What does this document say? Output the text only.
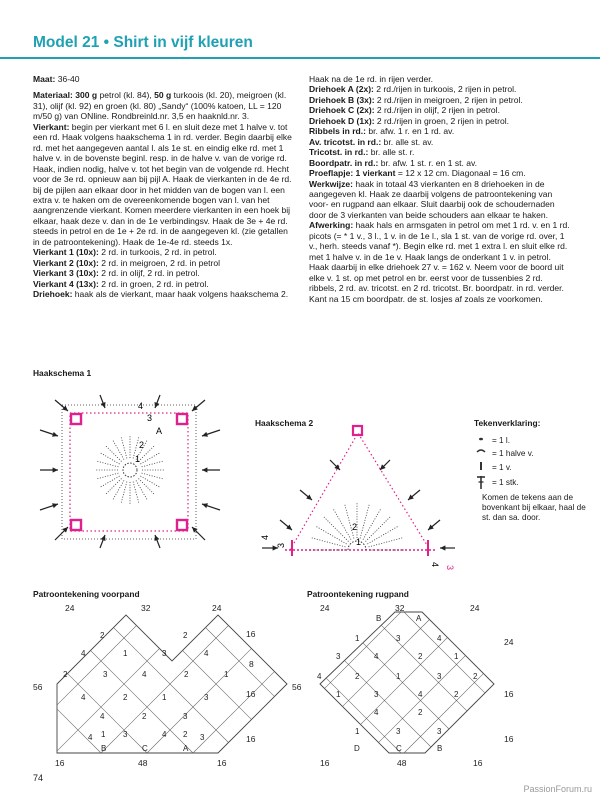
Model 21 • Shirt in vijf kleuren

Maat: 36-40

Materiaal: 300 g petrol (kl. 84), 50 g turkoois (kl. 20), meigroen (kl. 31), olijf (kl. 92) en groen (kl. 80) „Sandy“ (100% katoen, LL = 120 m/50 g) van ONline. Rondbreinld.nr. 3,5 en haaknld.nr. 3.

Vierkant: begin per vierkant met 6 l. en sluit deze met 1 halve v. tot een rd. Haak volgens haakschema 1 in rd. verder. Begin daarbij elke rd. met het aangegeven aantal l. als 1e st. en eindig elke rd. met 1 halve v. in de bovenste beginl. resp. in de halve v. van de vorige rd. Haak, indien nodig, halve v. tot het begin van de volgende rd. Hecht voor de 3e rd. opnieuw aan bij pijl A. Haak de vierkanten in de 4e rd. bij de pijlen aan elkaar door in het midden van de bogen van l. een extra v. te haken om de overeenkomende bogen van l. van het aangrenzende vierkant. Komen meerdere vierkanten in een hoek bij elkaar, haak deze v. dan in de 1e verbindingsv. Haak de 3e + 4e rd. steeds in petrol en de 1e + 2e rd. in de aangegeven kl. (zie getallen in de patroontekening). Haak de 1e-4e rd. steeds 1x.

Vierkant 1 (10x): 2 rd. in turkoois, 2 rd. in petrol.

Vierkant 2 (10x): 2 rd. in meigroen, 2 rd. in petrol

Vierkant 3 (10x): 2 rd. in olijf, 2 rd. in petrol.

Vierkant 4 (13x): 2 rd. in groen, 2 rd. in petrol.

Driehoek: haak als de vierkant, maar haak volgens haakschema 2.

Haak na de 1e rd. in rijen verder.

Driehoek A (2x): 2 rd./rijen in turkoois, 2 rijen in petrol.

Driehoek B (3x): 2 rd./rijen in meigroen, 2 rijen in petrol.

Driehoek C (2x): 2 rd./rijen in olijf, 2 rijen in petrol.

Driehoek D (1x): 2 rd./rijen in groen, 2 rijen in petrol.

Ribbels in rd.: br. afw. 1 r. en 1 rd. av.

Av. tricotst. in rd.: br. alle st. av.

Tricotst. in rd.: br. alle st. r.

Boordpatr. in rd.: br. afw. 1 st. r. en 1 st. av.

Proeflapje: 1 vierkant = 12 x 12 cm. Diagonaal = 16 cm.

Werkwijze: haak in totaal 43 vierkanten en 8 driehoeken in de aangegeven kl. Haak ze daarbij volgens de patroontekening van voor- en rugpand aan elkaar. Sluit daarbij ook de schoudernaden door de 3 vierkanten van beide schouders aan elkaar te haken.

Afwerking: haak hals en armsgaten in petrol om met 1 rd. v. en 1 rd. picots (= * 1 v., 3 l., 1 v. in de 1e l., sla 1 st. van de vorige rd. over, 1 v., herh. steeds vanaf *). Begin elke rd. met 1 extra l. en sluit elke rd. met 1 halve v. in de 1e v. Haak langs de onderkant 1 v. in petrol. Haak daarbij in elke driehoek 27 v. = 162 v. Neem voor de boord uit elke v. 1 st. op met petrol en br. eerst voor de tussenbies 2 rd. ribbels, 2 rd. av. tricotst. en 2 rd. tricotst. Br. boordpatr. in rd. verder. Kant na 15 cm boordpatr. de st. losjes af zoals ze voorkomen.

Haakschema 1
Haakschema 2	Tekenverklaring:
Patroontekening voorpand	Patroontekening rugpand
= 1 l.
= 1 halve v.
= 1 v.
= 1 stk.
Komen de tekens aan de bovenkant bij elkaar, haal de st. dan sa. door.
4
3
2
1
A
4
3
2
1
4
3
24	32	24
16
8
16
16
56
16	48	16
2	2
4	1	3	4
2	3	4	2	1
4	2	1	3
4	2	3
1 3	4 2
4	3
B	C	A
24	32	24
24
16
16
56
16	48	16
1	3	4
3	4	2	1
4	2	1	3	2
1	3	4	2
4	2
1	3
3
B	A
D	C	B
74
PassionForum.ru
